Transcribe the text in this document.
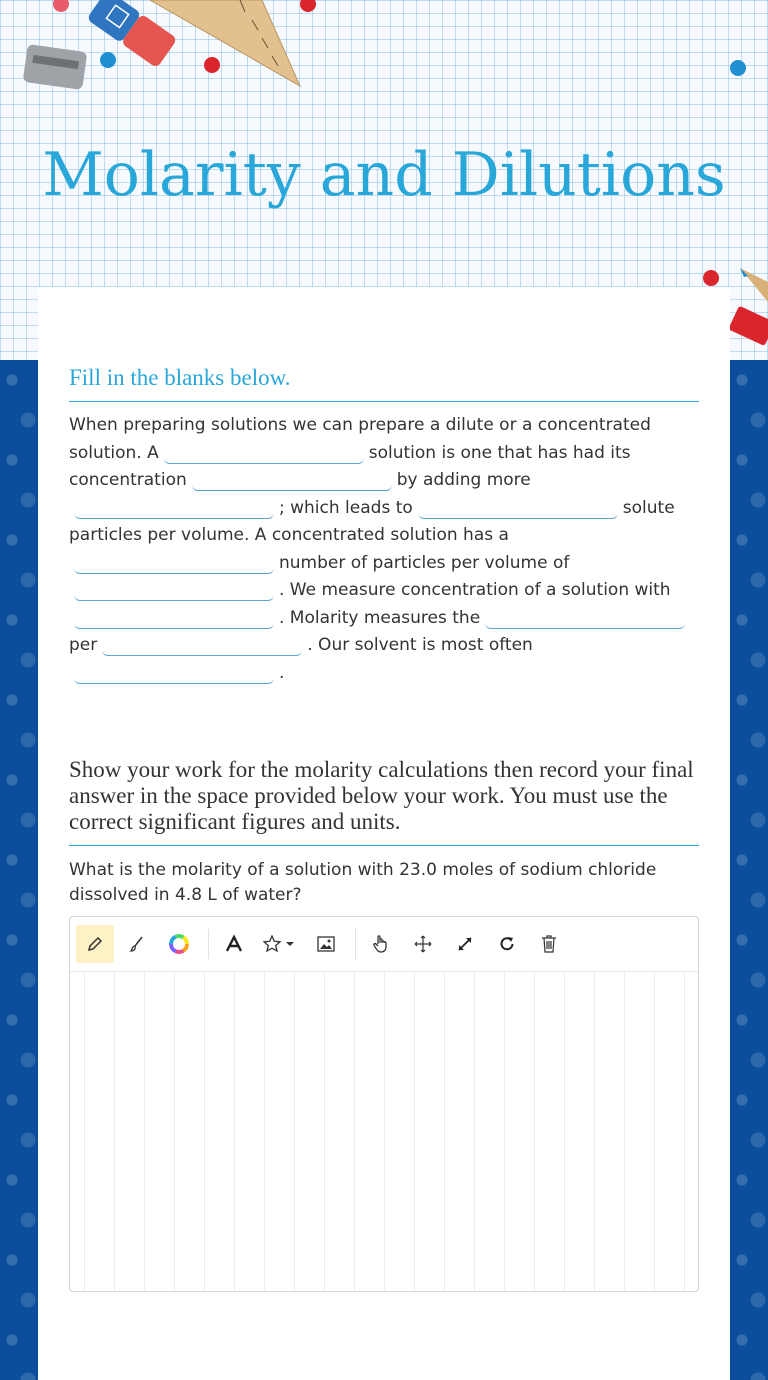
Molarity and Dilutions
Fill in the blanks below.
When preparing solutions we can prepare a dilute or a concentrated solution. A	solution is one that has had its concentration	by adding more
; which leads to	solute particles per volume. A concentrated solution has a
number of particles per volume of
. We measure concentration of a solution with
. Molarity measures the
per	. Our solvent is most often
.
Show your work for the molarity calculations then record your final answer in the space provided below your work. You must use the correct significant figures and units.
What is the molarity of a solution with 23.0 moles of sodium chloride dissolved in 4.8 L of water?
